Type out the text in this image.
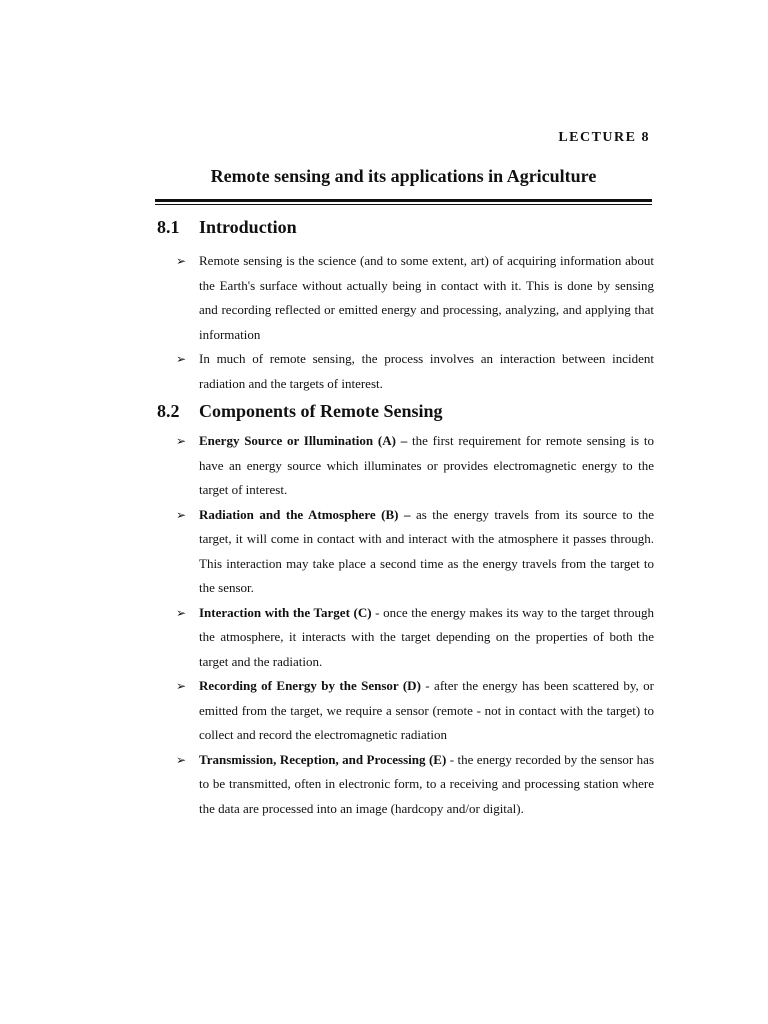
LECTURE 8
Remote sensing and its applications in Agriculture
8.1 Introduction
➢ Remote sensing is the science (and to some extent, art) of acquiring information about the Earth's surface without actually being in contact with it. This is done by sensing and recording reflected or emitted energy and processing, analyzing, and applying that information
➢ In much of remote sensing, the process involves an interaction between incident radiation and the targets of interest.
8.2 Components of Remote Sensing
➢ Energy Source or Illumination (A) – the first requirement for remote sensing is to have an energy source which illuminates or provides electromagnetic energy to the target of interest.
➢ Radiation and the Atmosphere (B) – as the energy travels from its source to the target, it will come in contact with and interact with the atmosphere it passes through. This interaction may take place a second time as the energy travels from the target to the sensor.
➢ Interaction with the Target (C) - once the energy makes its way to the target through the atmosphere, it interacts with the target depending on the properties of both the target and the radiation.
➢ Recording of Energy by the Sensor (D) - after the energy has been scattered by, or emitted from the target, we require a sensor (remote - not in contact with the target) to collect and record the electromagnetic radiation
➢ Transmission, Reception, and Processing (E) - the energy recorded by the sensor has to be transmitted, often in electronic form, to a receiving and processing station where the data are processed into an image (hardcopy and/or digital).
